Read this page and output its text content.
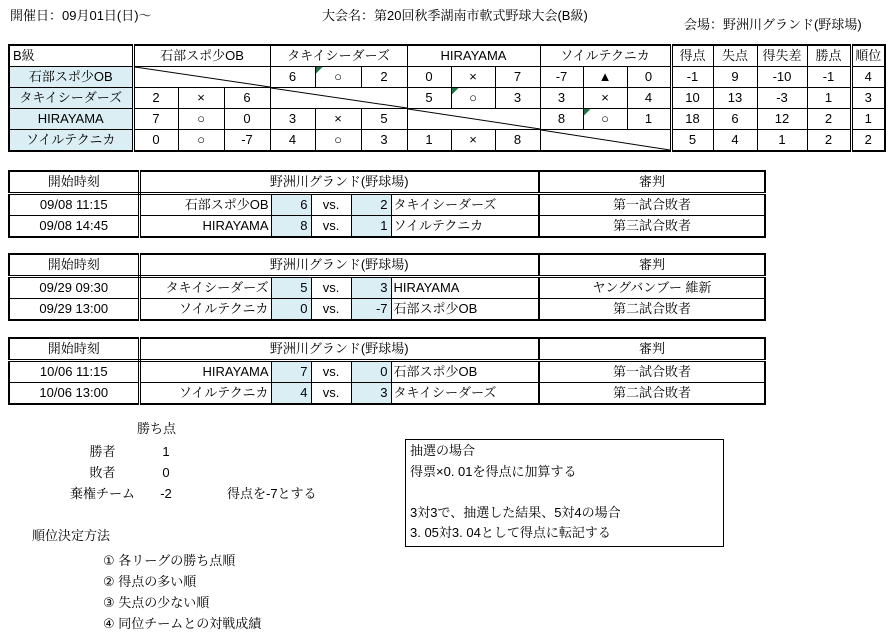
開催日：09月01日(日)～	大会名：第20回秋季湖南市軟式野球大会(B級)
会場：野洲川グランド(野球場)
B級	石部スポ少OB			タキイシーダーズ			HIRAYAMA			ソイルテクニカ			得点	失点	得失差	勝点	順位
石部スポ少OB				6	○	2	0	×	7	-7	▲	0	-1	9	-10	-1	4
タキイシーダーズ	2	×	6				5	○	3	3	×	4	10	13	-3	1	3
HIRAYAMA	7	○	0	3	×	5				8	○	1	18	6	12	2	1
ソイルテクニカ	0	○	-7	4	○	3	1	×	8				5	4	1	2	2
開始時刻	野洲川グランド(野球場)					審判
09/08 11:15	石部スポ少OB	6	vs.	2	タキイシーダーズ	第一試合敗者
09/08 14:45	HIRAYAMA	8	vs.	1	ソイルテクニカ	第三試合敗者
開始時刻	野洲川グランド(野球場)					審判
09/29 09:30	タキイシーダーズ	5	vs.	3	HIRAYAMA	ヤングバンブー 維新
09/29 13:00	ソイルテクニカ	0	vs.	-7	石部スポ少OB	第二試合敗者
開始時刻	野洲川グランド(野球場)					審判
10/06 11:15	HIRAYAMA	7	vs.	0	石部スポ少OB	第一試合敗者
10/06 13:00	ソイルテクニカ	4	vs.	3	タキイシーダーズ	第二試合敗者
勝ち点
勝者	1
敗者	0
棄権チーム	-2	得点を-7とする
抽選の場合
得票×0. 01を得点に加算する

3対3で、抽選した結果、5対4の場合
3. 05対3. 04として得点に転記する
順位決定方法
① 各リーグの勝ち点順
② 得点の多い順
③ 失点の少ない順
④ 同位チームとの対戦成績
